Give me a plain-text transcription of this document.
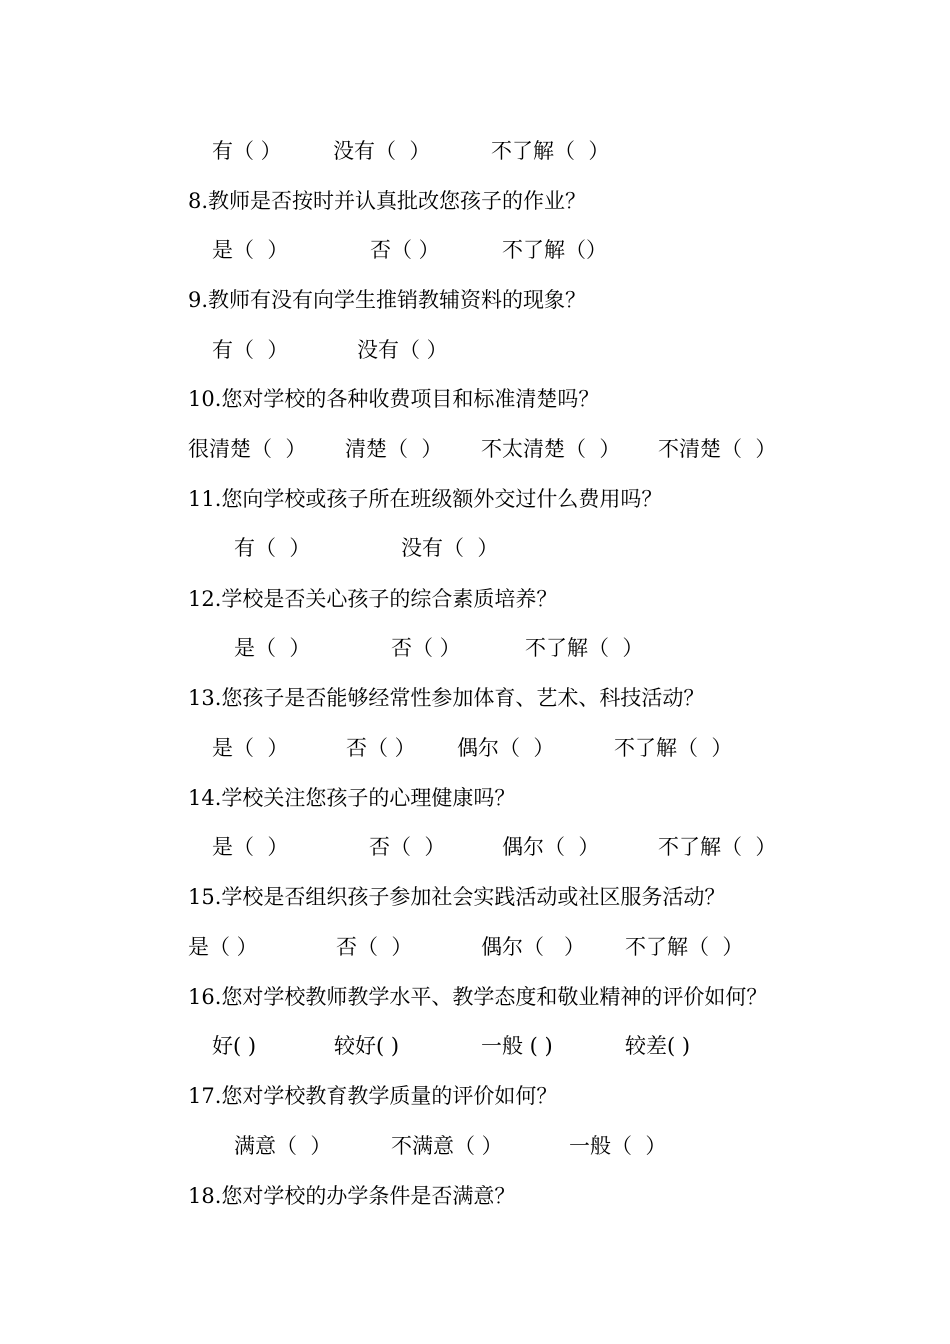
有（ ） 没有（  ）	不了解（  ）
8.教师是否按时并认真批改您孩子的作业？
是（  ）	否（ ）	不了解（）
9.教师有没有向学生推销教辅资料的现象？
有（  ）	没有（ ）
10.您对学校的各种收费项目和标准清楚吗？
很清楚（  ） 清楚（  ） 不太清楚（  ） 不清楚（  ）
11.您向学校或孩子所在班级额外交过什么费用吗？
有（  ）	没有（  ）
12.学校是否关心孩子的综合素质培养？
是（  ）	否（ ）	不了解（  ）
13.您孩子是否能够经常性参加体育、艺术、科技活动？
是（  ）	否（ ） 偶尔（  ）	不了解（  ）
14.学校关注您孩子的心理健康吗？
是（  ）	否（  ）	偶尔（  ）	不了解（  ）
15.学校是否组织孩子参加社会实践活动或社区服务活动？
是（ ）	否（  ）	偶尔（   ） 不了解（  ）
16.您对学校教师教学水平、教学态度和敬业精神的评价如何？
好( )	较好( )	一般 ( )	较差( )
17.您对学校教育教学质量的评价如何？
满意（  ）	不满意（ ）	一般（  ）
18.您对学校的办学条件是否满意？
